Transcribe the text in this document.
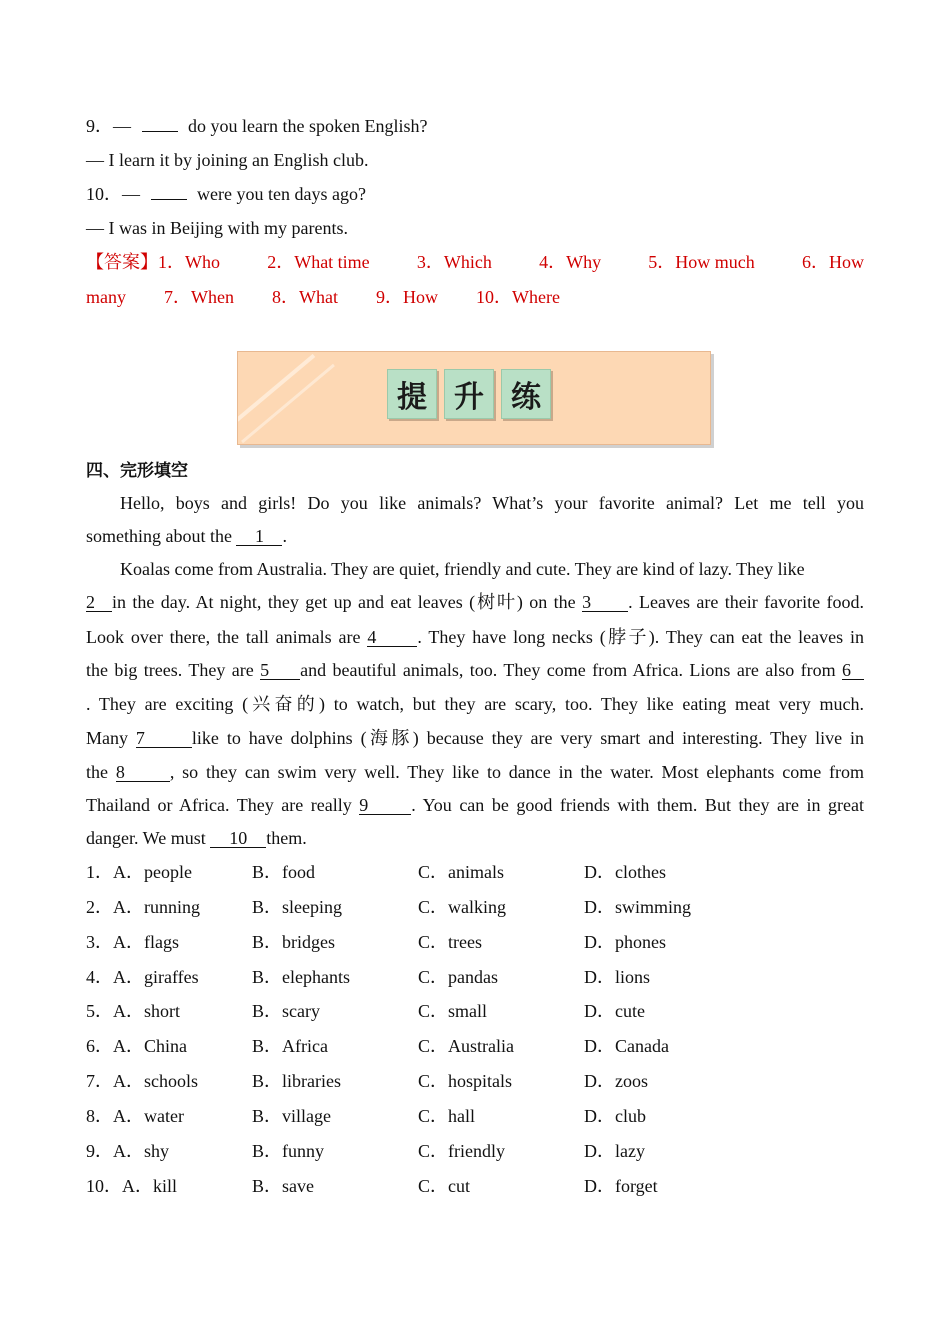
9．—	do you learn the spoken English?
— I learn it by joining an English club.
10．—	were you ten days ago?
— I was in Beijing with my parents.
【答案】1．Who	2．What time	3．Which	4．Why	5．How much	6．How
many 7．When 8．What 9．How 10．Where
提 升 练
四、完形填空
Hello, boys and girls! Do you like animals? What’s your favorite animal? Let me tell you
something about the 1 .
Koalas come from Australia. They are quiet, friendly and cute. They are kind of lazy. They like
2 in the day. At night, they get up and eat leaves (树叶) on the 3 . Leaves are their favorite food.
Look over there, the tall animals are 4 . They have long necks (脖子). They can eat the leaves in
the big trees. They are 5 and beautiful animals, too. They come from Africa. Lions are also from 6
. They are exciting (兴奋的) to watch, but they are scary, too. They like eating meat very much.
Many 7	like to have dolphins (海豚) because they are very smart and interesting. They live in
the 8	, so they can swim very well. They like to dance in the water. Most elephants come from
Thailand or Africa. They are really 9 . You can be good friends with them. But they are in great
danger. We must 10 them.
1．A．people	B．food	C．animals	D．clothes
2．A．running	B．sleeping	C．walking	D．swimming
3．A．flags	B．bridges	C．trees	D．phones
4．A．giraffes	B．elephants	C．pandas	D．lions
5．A．short	B．scary	C．small	D．cute
6．A．China	B．Africa	C．Australia	D．Canada
7．A．schools	B．libraries	C．hospitals	D．zoos
8．A．water	B．village	C．hall	D．club
9．A．shy	B．funny	C．friendly	D．lazy
10．A．kill	B．save	C．cut	D．forget
